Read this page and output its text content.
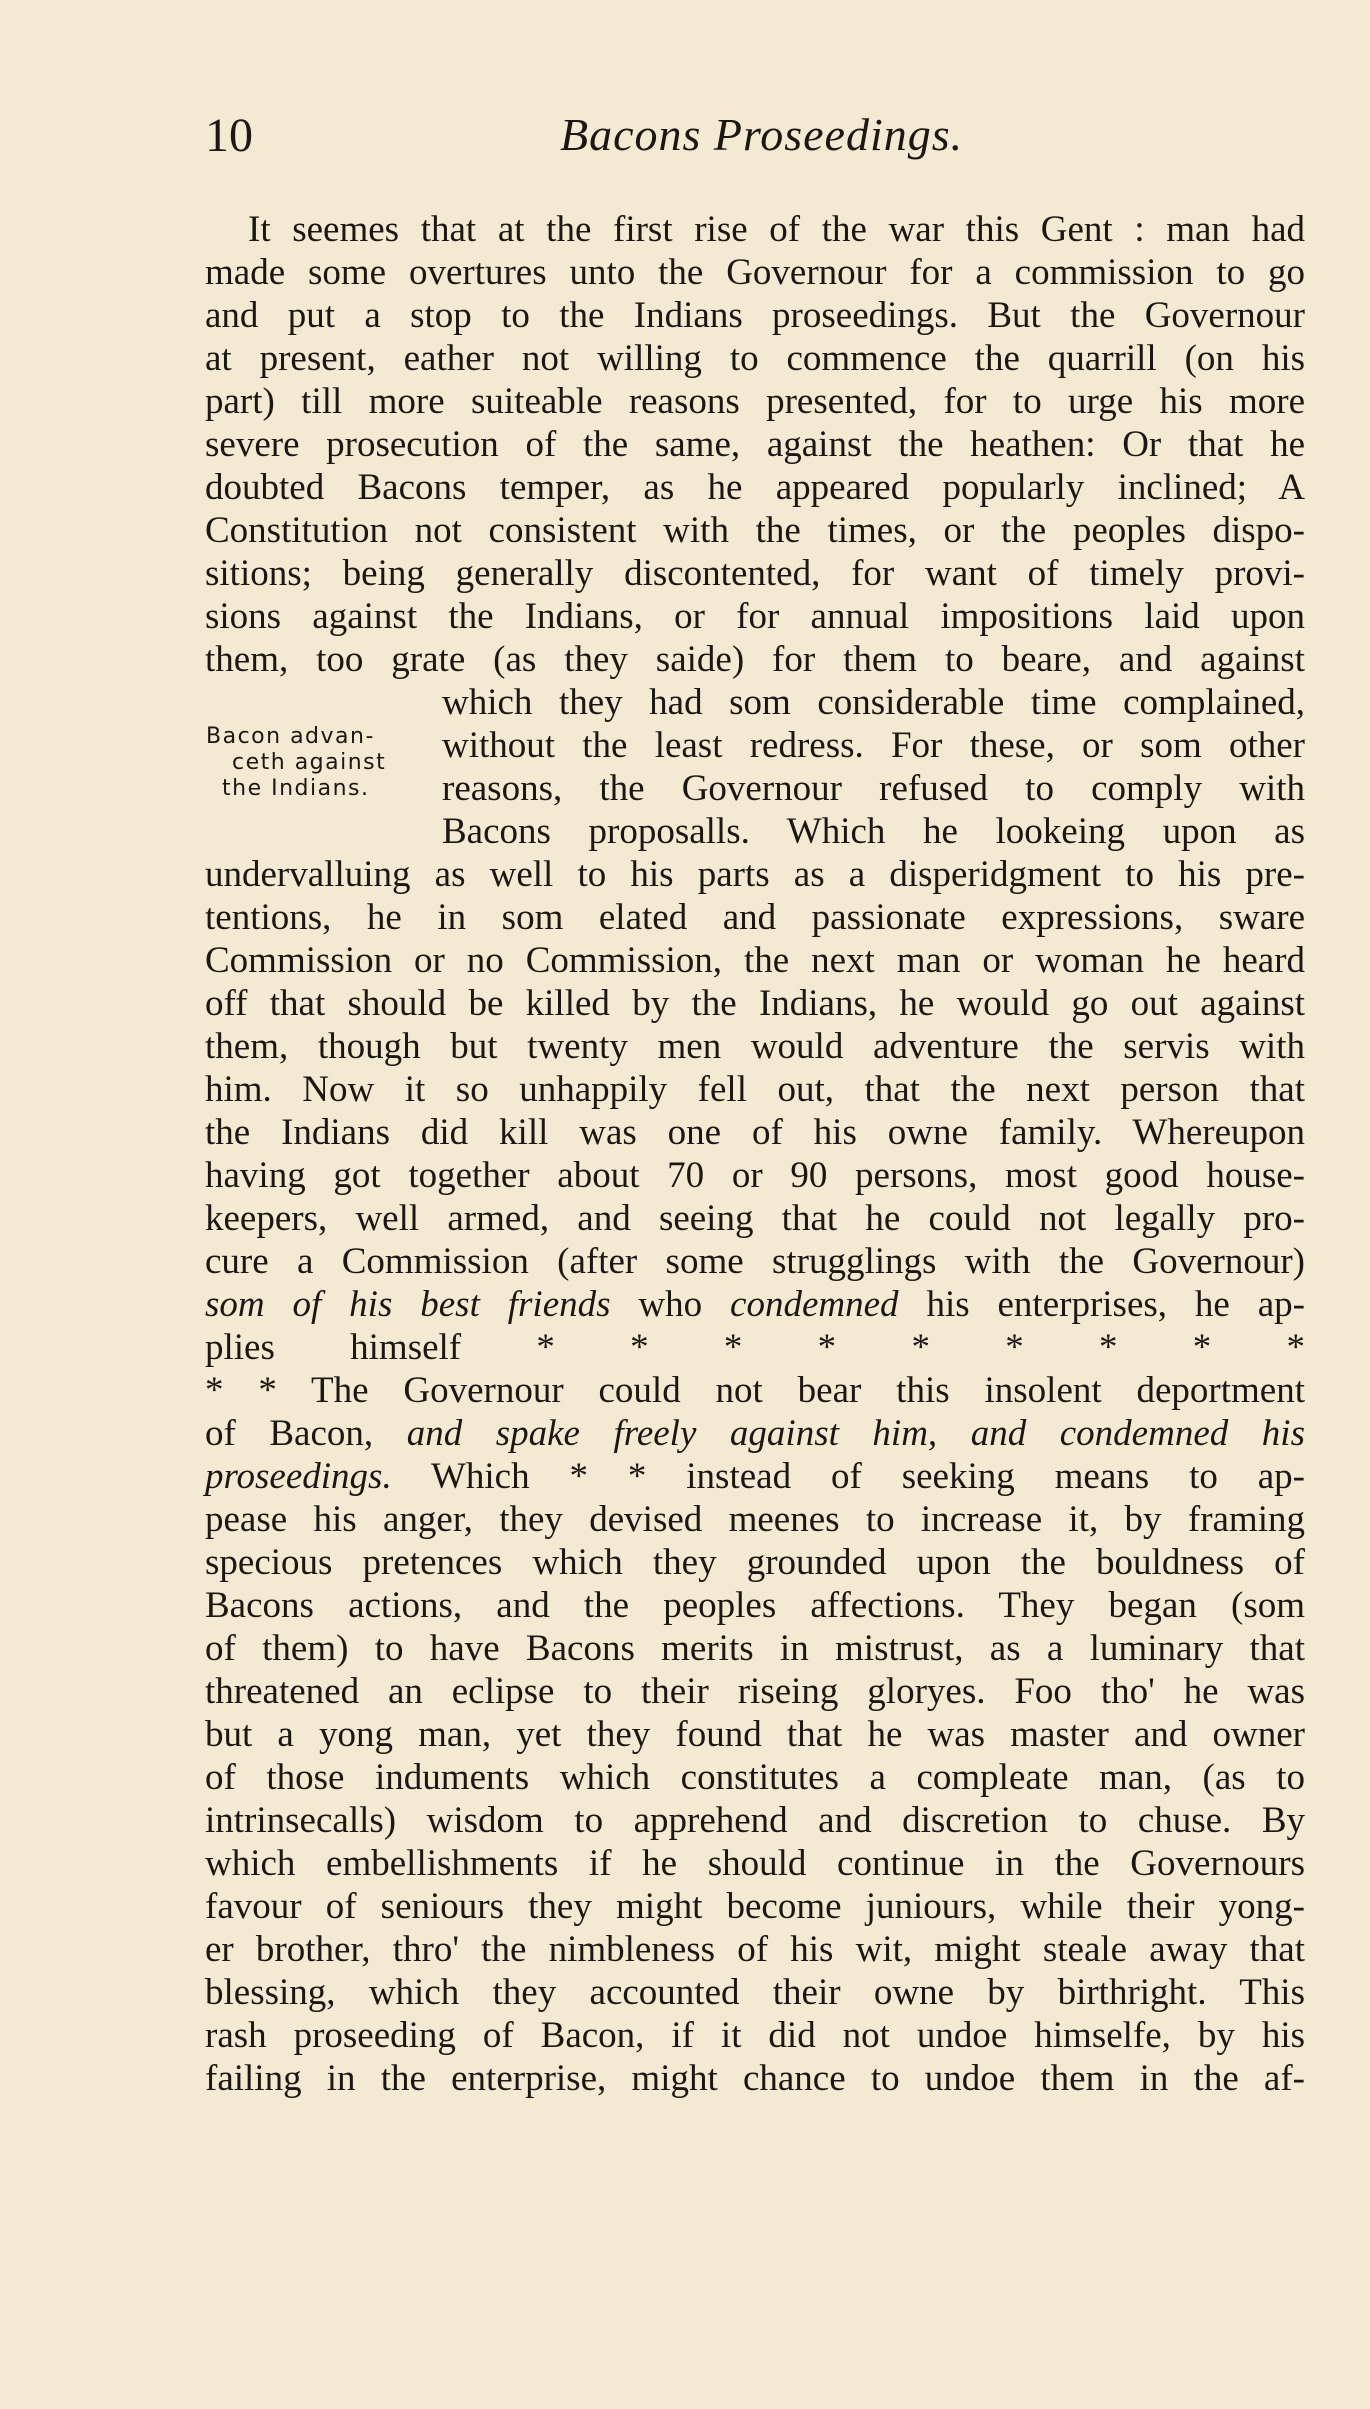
10	Bacons Proseedings.
Bacon advan-
ceth against
the Indians.
It seemes that at the first rise of the war this Gent : man had
made some overtures unto the Governour for a commission to go
and put a stop to the Indians proseedings. But the Governour
at present, eather not willing to commence the quarrill (on his
part) till more suiteable reasons presented, for to urge his more
severe prosecution of the same, against the heathen: Or that he
doubted Bacons temper, as he appeared popularly inclined; A
Constitution not consistent with the times, or the peoples dispo-
sitions; being generally discontented, for want of timely provi-
sions against the Indians, or for annual impositions laid upon
them, too grate (as they saide) for them to beare, and against
which they had som considerable time complained,
without the least redress. For these, or som other
reasons, the Governour refused to comply with
Bacons proposalls. Which he lookeing upon as
undervalluing as well to his parts as a disperidgment to his pre-
tentions, he in som elated and passionate expressions, sware
Commission or no Commission, the next man or woman he heard
off that should be killed by the Indians, he would go out against
them, though but twenty men would adventure the servis with
him. Now it so unhappily fell out, that the next person that
the Indians did kill was one of his owne family. Whereupon
having got together about 70 or 90 persons, most good house-
keepers, well armed, and seeing that he could not legally pro-
cure a Commission (after some strugglings with the Governour)
som of his best friends who condemned his enterprises, he ap-
plies himself * * * * * * * * *
* * The Governour could not bear this insolent deportment
of Bacon, and spake freely against him, and condemned his
proseedings. Which * * instead of seeking means to ap-
pease his anger, they devised meenes to increase it, by framing
specious pretences which they grounded upon the bouldness of
Bacons actions, and the peoples affections. They began (som
of them) to have Bacons merits in mistrust, as a luminary that
threatened an eclipse to their riseing gloryes. Foo tho' he was
but a yong man, yet they found that he was master and owner
of those induments which constitutes a compleate man, (as to
intrinsecalls) wisdom to apprehend and discretion to chuse. By
which embellishments if he should continue in the Governours
favour of seniours they might become juniours, while their yong-
er brother, thro' the nimbleness of his wit, might steale away that
blessing, which they accounted their owne by birthright. This
rash proseeding of Bacon, if it did not undoe himselfe, by his
failing in the enterprise, might chance to undoe them in the af-
